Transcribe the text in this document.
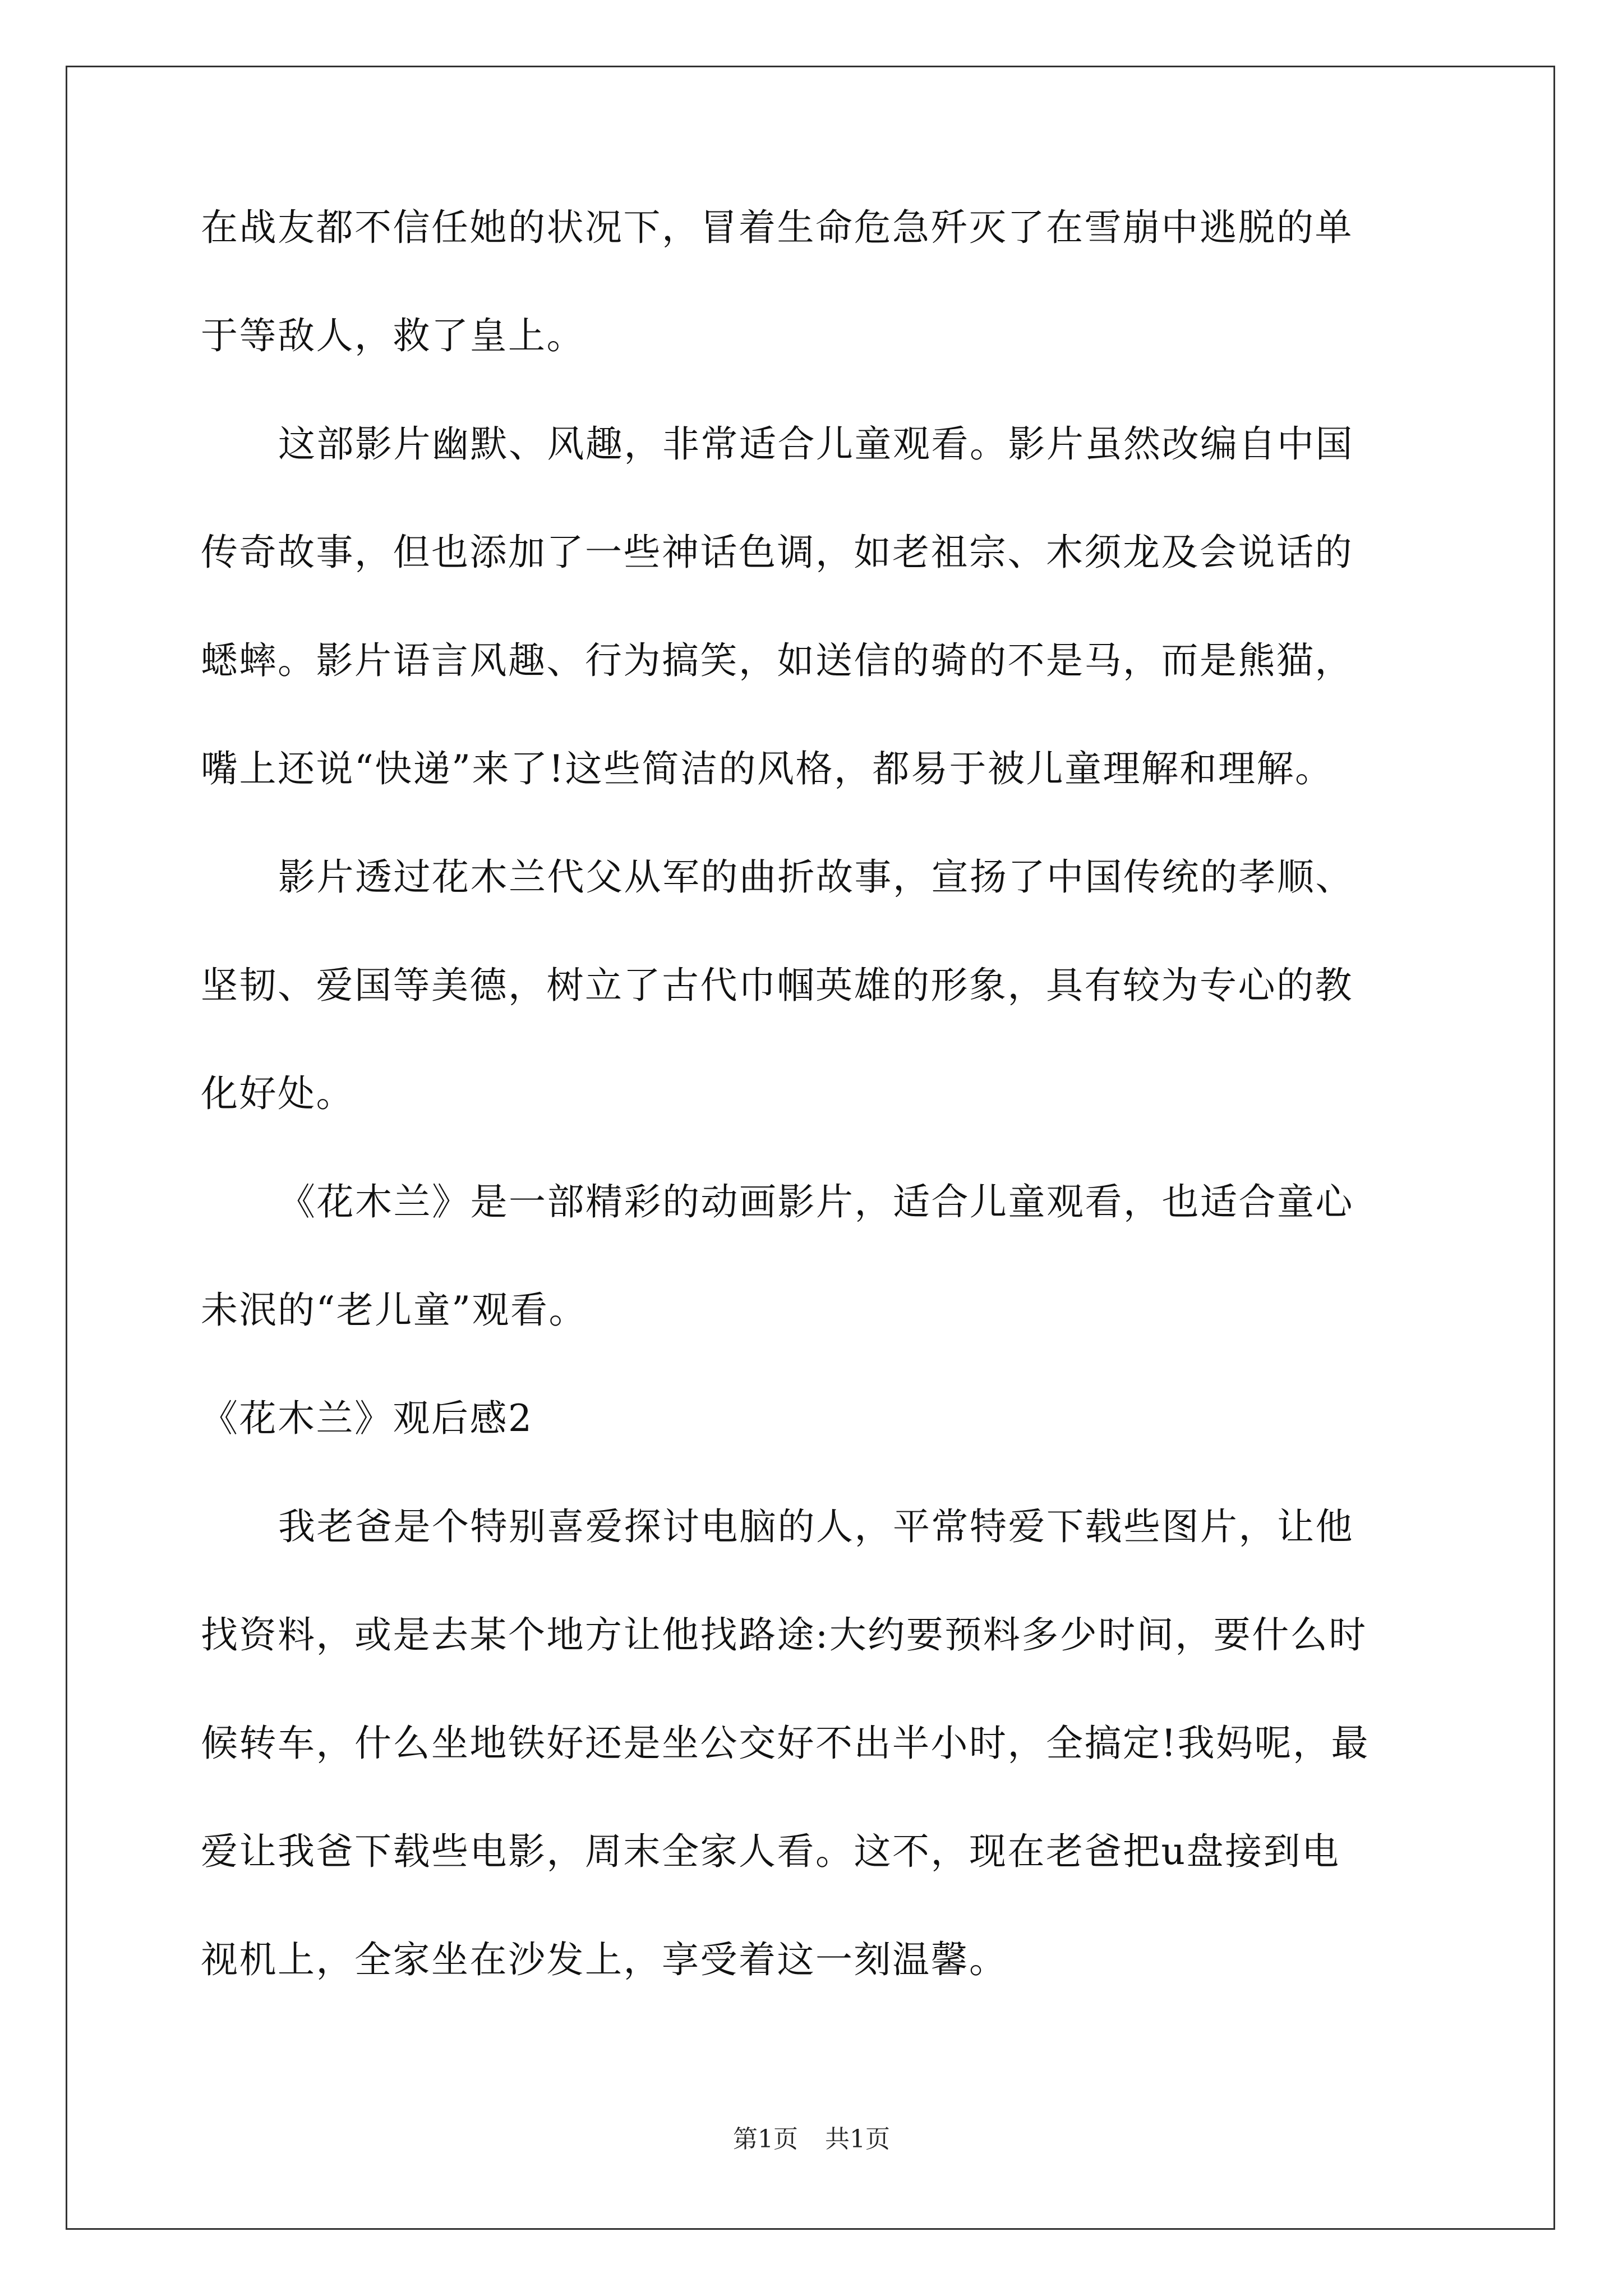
在战友都不信任她的状况下，冒着生命危急歼灭了在雪崩中逃脱的单
于等敌人，救了皇上。
这部影片幽默、风趣，非常适合儿童观看。影片虽然改编自中国
传奇故事，但也添加了一些神话色调，如老祖宗、木须龙及会说话的
蟋蟀。影片语言风趣、行为搞笑，如送信的骑的不是马，而是熊猫，
嘴上还说“快递”来了!这些简洁的风格，都易于被儿童理解和理解。
影片透过花木兰代父从军的曲折故事，宣扬了中国传统的孝顺、
坚韧、爱国等美德，树立了古代巾帼英雄的形象，具有较为专心的教
化好处。
《花木兰》是一部精彩的动画影片，适合儿童观看，也适合童心
未泯的“老儿童”观看。
《花木兰》观后感2
我老爸是个特别喜爱探讨电脑的人，平常特爱下载些图片，让他
找资料，或是去某个地方让他找路途:大约要预料多少时间，要什么时
候转车，什么坐地铁好还是坐公交好不出半小时，全搞定!我妈呢，最
爱让我爸下载些电影，周末全家人看。这不，现在老爸把u盘接到电
视机上，全家坐在沙发上，享受着这一刻温馨。
第1页 共1页
